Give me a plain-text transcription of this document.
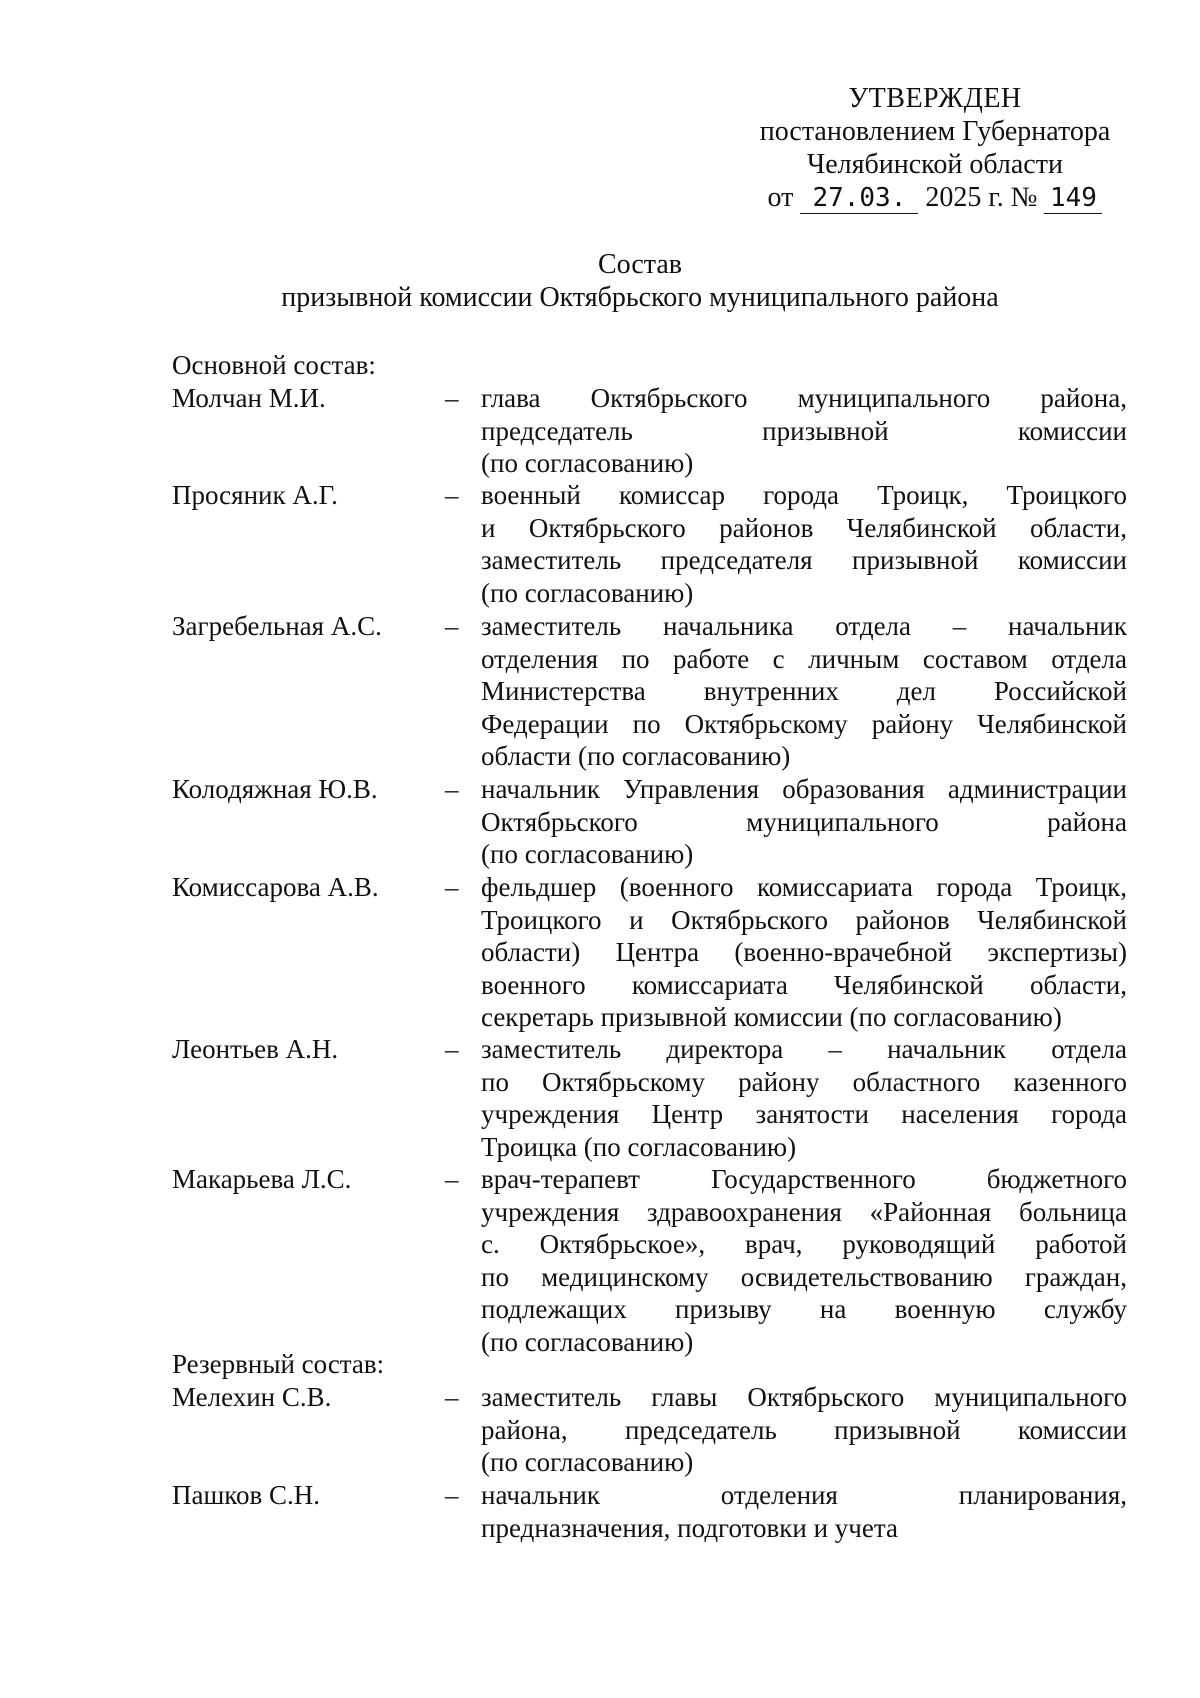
УТВЕРЖДЕН
постановлением Губернатора
Челябинской области
от 27.03. 2025 г. № 149
Состав
призывной комиссии Октябрьского муниципального района
Основной состав:
Молчан М.И.	– глава Октябрьского муниципального района,
председатель призывной комиссии
(по согласованию)
Просяник А.Г.	– военный комиссар города Троицк, Троицкого
и Октябрьского районов Челябинской области,
заместитель председателя призывной комиссии
(по согласованию)
Загребельная А.С. – заместитель начальника отдела – начальник
отделения по работе с личным составом отдела
Министерства внутренних дел Российской
Федерации по Октябрьскому району Челябинской
области (по согласованию)
Колодяжная Ю.В. – начальник Управления образования администрации
Октябрьского муниципального района
(по согласованию)
Комиссарова А.В. – фельдшер (военного комиссариата города Троицк,
Троицкого и Октябрьского районов Челябинской
области) Центра (военно-врачебной экспертизы)
военного комиссариата Челябинской области,
секретарь призывной комиссии (по согласованию)
Леонтьев А.Н.	– заместитель директора – начальник отдела
по Октябрьскому району областного казенного
учреждения Центр занятости населения города
Троицка (по согласованию)
Макарьева Л.С.	– врач-терапевт Государственного бюджетного
учреждения здравоохранения «Районная больница
с. Октябрьское», врач, руководящий работой
по медицинскому освидетельствованию граждан,
подлежащих призыву на военную службу
(по согласованию)
Резервный состав:
Мелехин С.В.	– заместитель главы Октябрьского муниципального
района, председатель призывной комиссии
(по согласованию)
Пашков С.Н.	– начальник отделения планирования,
предназначения, подготовки и учета
